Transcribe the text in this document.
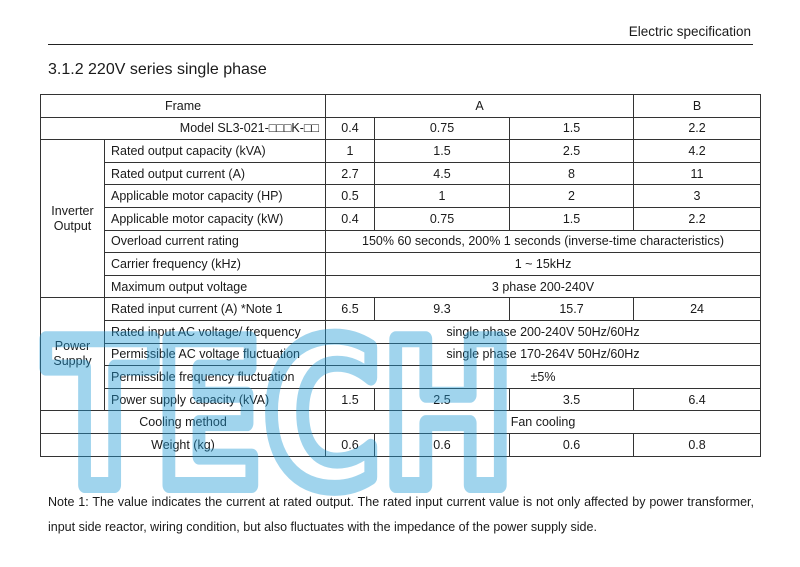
Electric specification
3.1.2 220V series single phase
Frame		A			B
Model SL3-021-□□□K-□□		0.4	0.75	1.5	2.2

Inverter
Output	Rated output capacity (kVA)	1	1.5	2.5	4.2
	Rated output current (A)	2.7	4.5	8	11
	Applicable motor capacity (HP)	0.5	1	2	3
	Applicable motor capacity (kW)	0.4	0.75	1.5	2.2
	Overload current rating	150% 60 seconds, 200% 1 seconds (inverse-time characteristics)			
	Carrier frequency (kHz)	1 ~ 15kHz			
	Maximum output voltage	3 phase 200-240V			

Power
Supply	Rated input current (A) *Note 1	6.5	9.3	15.7	24
	Rated input AC voltage/ frequency	single phase 200-240V 50Hz/60Hz			
	Permissible AC voltage fluctuation	single phase 170-264V 50Hz/60Hz			
	Permissible frequency fluctuation	±5%			
	Power supply capacity (kVA)	1.5	2.5	3.5	6.4
Cooling method		Fan cooling			
Weight (kg)		0.6	0.6	0.6	0.8
Note 1: The value indicates the current at rated output. The rated input current value is not only affected by power transformer, input side reactor, wiring condition, but also fluctuates with the impedance of the power supply side.
TECH
